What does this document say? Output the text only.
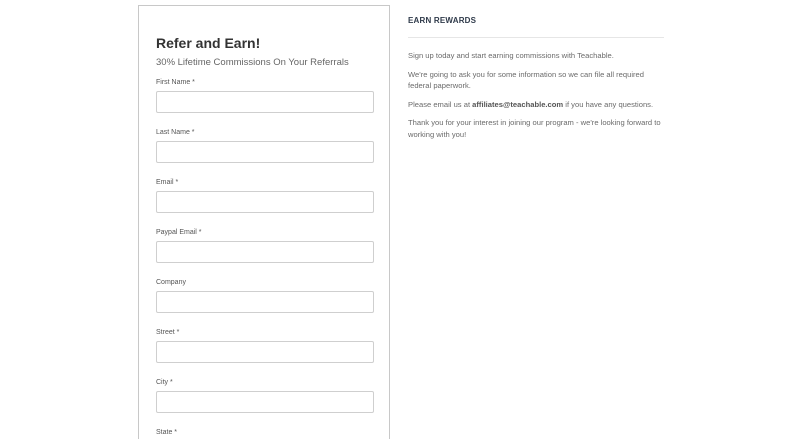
Refer and Earn!
30% Lifetime Commissions On Your Referrals
First Name *
Last Name *
Email *
Paypal Email *
Company
Street *
City *
State *
EARN REWARDS

Sign up today and start earning commissions with Teachable.

We're going to ask you for some information so we can file all required federal paperwork.

Please email us at affiliates@teachable.com if you have any questions.

Thank you for your interest in joining our program - we're looking forward to working with you!
